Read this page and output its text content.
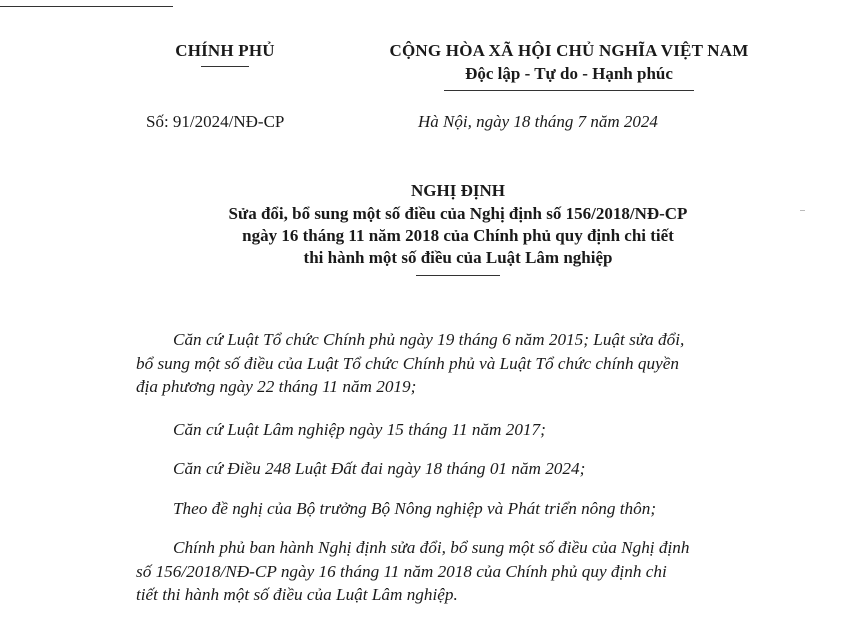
CHÍNH PHỦ	CỘNG HÒA XÃ HỘI CHỦ NGHĨA VIỆT NAM
Độc lập - Tự do - Hạnh phúc
Số: 91/2024/NĐ-CP	Hà Nội, ngày 18 tháng 7 năm 2024
NGHỊ ĐỊNH
Sửa đổi, bổ sung một số điều của Nghị định số 156/2018/NĐ-CP
ngày 16 tháng 11 năm 2018 của Chính phủ quy định chi tiết
thi hành một số điều của Luật Lâm nghiệp
Căn cứ Luật Tổ chức Chính phủ ngày 19 tháng 6 năm 2015; Luật sửa đổi,
bổ sung một số điều của Luật Tổ chức Chính phủ và Luật Tổ chức chính quyền
địa phương ngày 22 tháng 11 năm 2019;
Căn cứ Luật Lâm nghiệp ngày 15 tháng 11 năm 2017;
Căn cứ Điều 248 Luật Đất đai ngày 18 tháng 01 năm 2024;
Theo đề nghị của Bộ trưởng Bộ Nông nghiệp và Phát triển nông thôn;
Chính phủ ban hành Nghị định sửa đổi, bổ sung một số điều của Nghị định
số 156/2018/NĐ-CP ngày 16 tháng 11 năm 2018 của Chính phủ quy định chi
tiết thi hành một số điều của Luật Lâm nghiệp.
